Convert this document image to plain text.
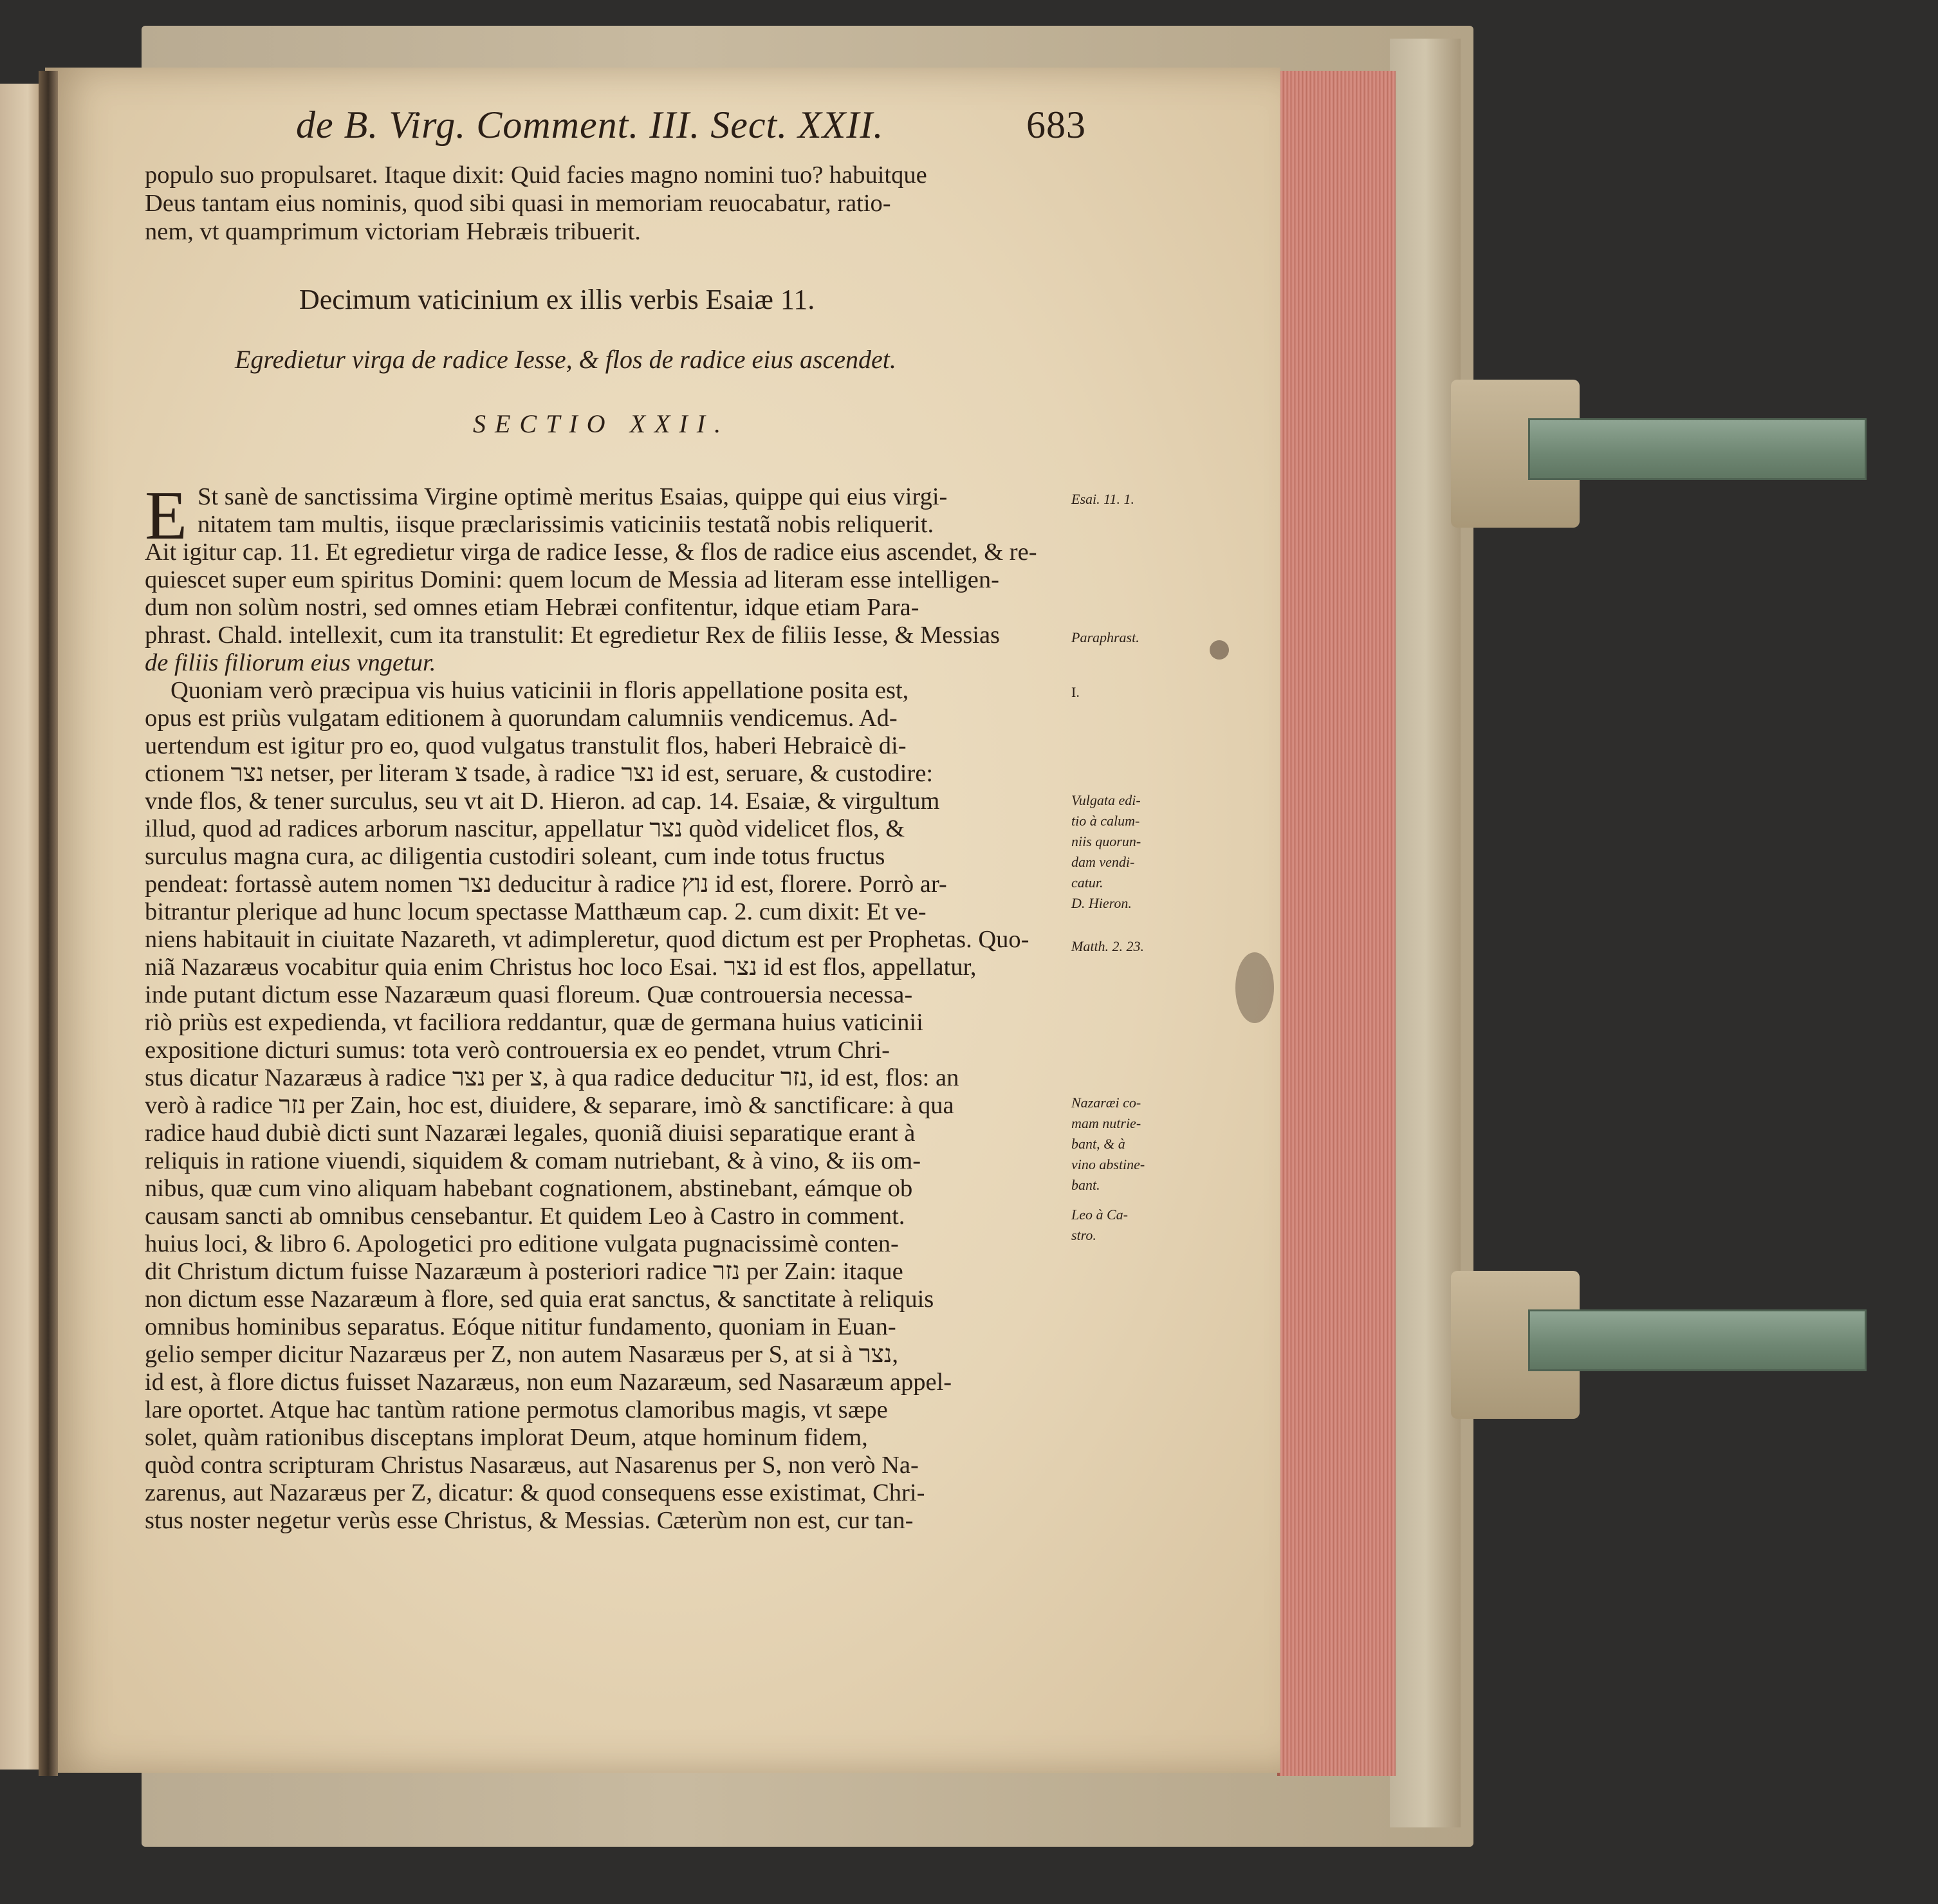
de B. Virg. Comment. III. Sect. XXII.	683
populo suo propulsaret. Itaque dixit: Quid facies magno nomini tuo? habuitque
Deus tantam eius nominis, quod sibi quasi in memoriam reuocabatur, ratio-
nem, vt quamprimum victoriam Hebræis tribuerit.
Decimum vaticinium ex illis verbis Esaiæ 11.
Egredietur virga de radice Iesse, & flos de radice eius ascendet.
SECTIO XXII.
E St sanè de sanctissima Virgine optimè meritus Esaias, quippe qui eius virgi-
nitatem tam multis, iisque præclarissimis vaticiniis testatã nobis reliquerit.
Ait igitur cap. 11. Et egredietur virga de radice Iesse, & flos de radice eius ascendet, & re-
quiescet super eum spiritus Domini: quem locum de Messia ad literam esse intelligen-
dum non solùm nostri, sed omnes etiam Hebræi confitentur, idque etiam Para-
phrast. Chald. intellexit, cum ita transtulit: Et egredietur Rex de filiis Iesse, & Messias
de filiis filiorum eius vngetur.
Quoniam verò præcipua vis huius vaticinii in floris appellatione posita est,
opus est priùs vulgatam editionem à quorundam calumniis vendicemus. Ad-
uertendum est igitur pro eo, quod vulgatus transtulit flos, haberi Hebraicè di-
ctionem נצר netser, per literam צ tsade, à radice נצר id est, seruare, & custodire:
vnde flos, & tener surculus, seu vt ait D. Hieron. ad cap. 14. Esaiæ, & virgultum
illud, quod ad radices arborum nascitur, appellatur נצר quòd videlicet flos, &
surculus magna cura, ac diligentia custodiri soleant, cum inde totus fructus
pendeat: fortassè autem nomen נצר deducitur à radice נוץ id est, florere. Porrò ar-
bitrantur plerique ad hunc locum spectasse Matthæum cap. 2. cum dixit: Et ve-
niens habitauit in ciuitate Nazareth, vt adimpleretur, quod dictum est per Prophetas. Quo-
niã Nazaræus vocabitur quia enim Christus hoc loco Esai. נצר id est flos, appellatur,
inde putant dictum esse Nazaræum quasi floreum. Quæ controuersia necessa-
riò priùs est expedienda, vt faciliora reddantur, quæ de germana huius vaticinii
expositione dicturi sumus: tota verò controuersia ex eo pendet, vtrum Chri-
stus dicatur Nazaræus à radice נצר per צ, à qua radice deducitur נזר, id est, flos: an
verò à radice נזר per Zain, hoc est, diuidere, & separare, imò & sanctificare: à qua
radice haud dubiè dicti sunt Nazaræi legales, quoniã diuisi separatique erant à
reliquis in ratione viuendi, siquidem & comam nutriebant, & à vino, & iis om-
nibus, quæ cum vino aliquam habebant cognationem, abstinebant, eámque ob
causam sancti ab omnibus censebantur. Et quidem Leo à Castro in comment.
huius loci, & libro 6. Apologetici pro editione vulgata pugnacissimè conten-
dit Christum dictum fuisse Nazaræum à posteriori radice נזר per Zain: itaque
non dictum esse Nazaræum à flore, sed quia erat sanctus, & sanctitate à reliquis
omnibus hominibus separatus. Eóque nititur fundamento, quoniam in Euan-
gelio semper dicitur Nazaræus per Z, non autem Nasaræus per S, at si à נצר,
id est, à flore dictus fuisset Nazaræus, non eum Nazaræum, sed Nasaræum appel-
lare oportet. Atque hac tantùm ratione permotus clamoribus magis, vt sæpe
solet, quàm rationibus disceptans implorat Deum, atque hominum fidem,
quòd contra scripturam Christus Nasaræus, aut Nasarenus per S, non verò Na-
zarenus, aut Nazaræus per Z, dicatur: & quod consequens esse existimat, Chri-
stus noster negetur verùs esse Christus, & Messias. Cæterùm non est, cur tan-
Esai. 11. 1.
Paraphrast.
I.
Vulgata edi-
tio à calum-
niis quorun-
dam vendi-
catur.
D. Hieron.
Matth. 2. 23.
Nazaræi co-
mam nutrie-
bant, & à
vino abstine-
bant.
Leo à Ca-
stro.
